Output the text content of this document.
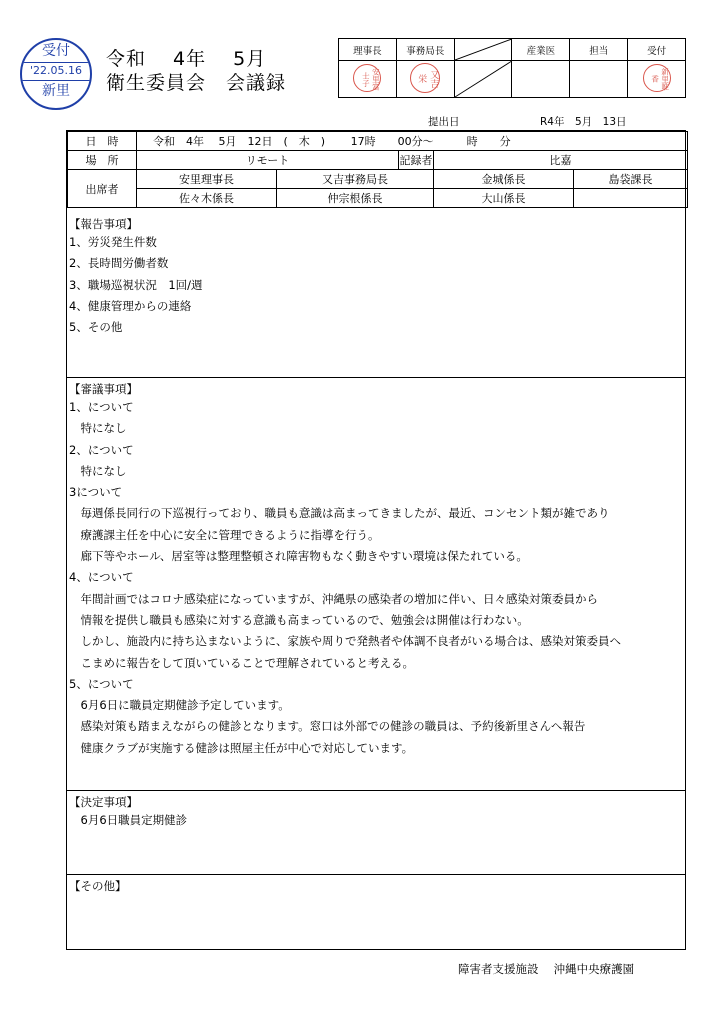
受付
'22.05.16
新里
令和　 4年　 5月
衛生委員会　会議録
理事長	事務局長		産業医	担当	受付
安里富士子	又吉栄				新里唯香
提出日	R4年　5月　13日
日　時	令和　4年　 5月　12日　(　木　)　　 17時　　00分～　　　時　　分				
場　所	リモート		記録者	比嘉	
出席者	安里理事長	又吉事務局長		金城係長	島袋課長
	佐々木係長	仲宗根係長		大山係長	
【報告事項】
1、労災発生件数
2、長時間労働者数
3、職場巡視状況　1回/週
4、健康管理からの連絡
5、その他
【審議事項】
1、について
　特になし
2、について
　特になし
3について
　毎週係長同行の下巡視行っており、職員も意識は高まってきましたが、最近、コンセント類が雑であり
　療護課主任を中心に安全に管理できるように指導を行う。
　廊下等やホール、居室等は整理整頓され障害物もなく動きやすい環境は保たれている。
4、について
　年間計画ではコロナ感染症になっていますが、沖縄県の感染者の増加に伴い、日々感染対策委員から
　情報を提供し職員も感染に対する意識も高まっているので、勉強会は開催は行わない。
　しかし、施設内に持ち込まないように、家族や周りで発熱者や体調不良者がいる場合は、感染対策委員へ
　こまめに報告をして頂いていることで理解されていると考える。
5、について
　6月6日に職員定期健診予定しています。
　感染対策も踏まえながらの健診となります。窓口は外部での健診の職員は、予約後新里さんへ報告
　健康クラブが実施する健診は照屋主任が中心で対応しています。
【決定事項】
　6月6日職員定期健診
【その他】
障害者支援施設　 沖縄中央療護園
